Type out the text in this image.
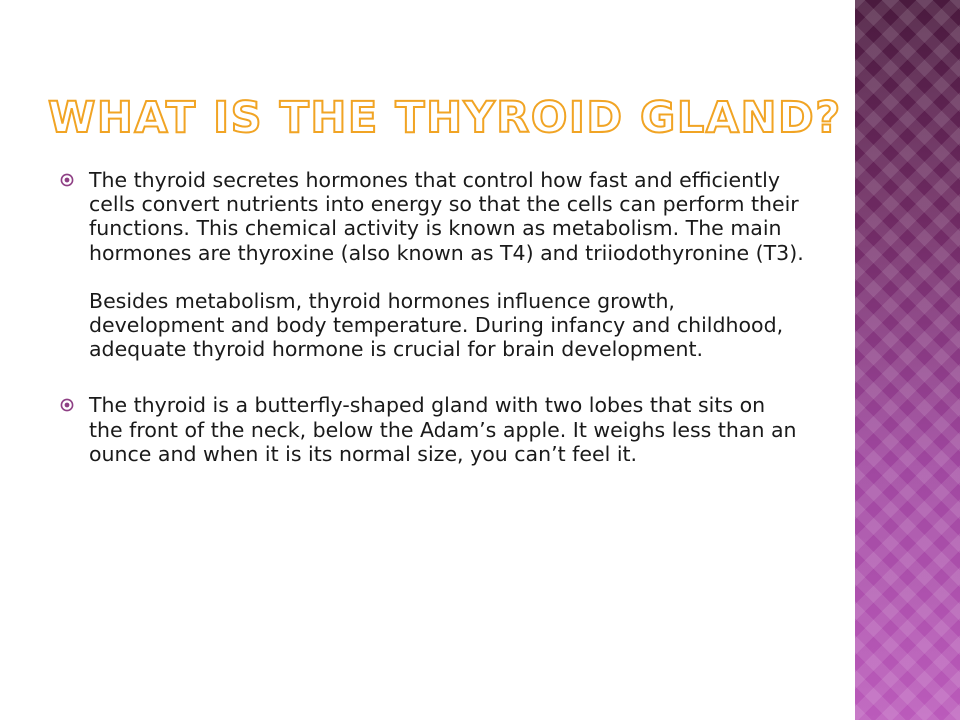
WHAT IS THE THYROID GLAND?

The thyroid secretes hormones that control how fast and efficiently cells convert nutrients into energy so that the cells can perform their functions. This chemical activity is known as metabolism. The main hormones are thyroxine (also known as T4) and triiodothyronine (T3).

Besides metabolism, thyroid hormones influence growth, development and body temperature. During infancy and childhood, adequate thyroid hormone is crucial for brain development.

The thyroid is a butterfly-shaped gland with two lobes that sits on the front of the neck, below the Adam’s apple. It weighs less than an ounce and when it is its normal size, you can’t feel it.
